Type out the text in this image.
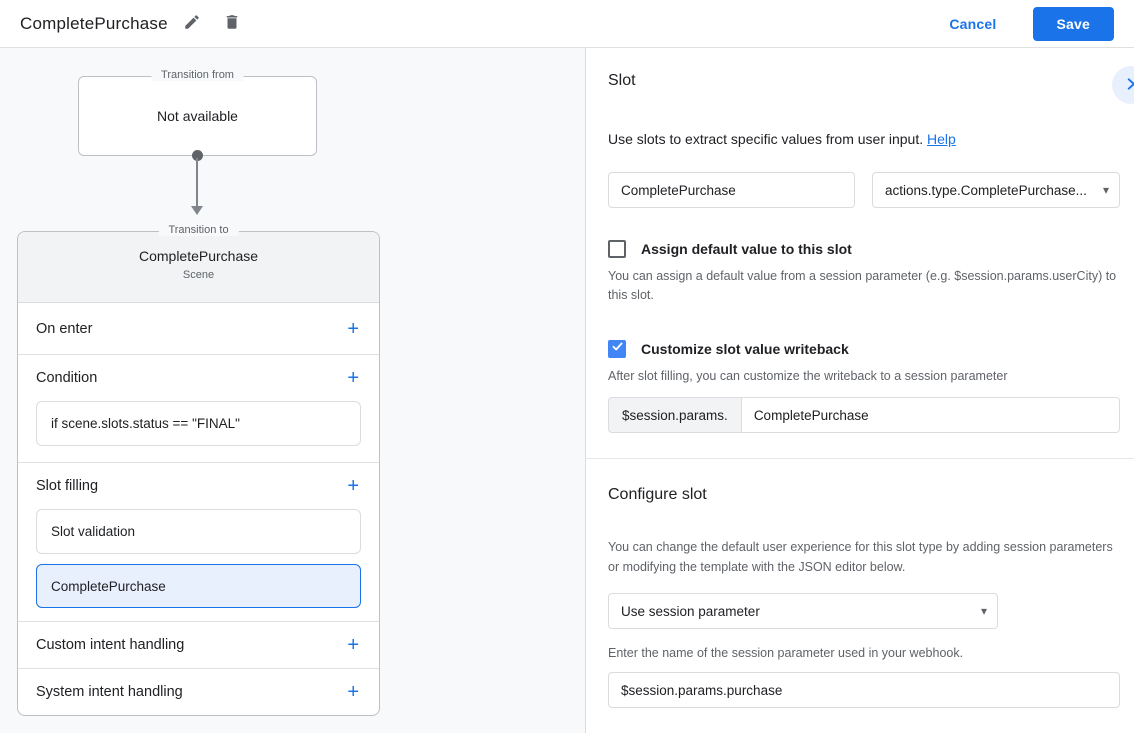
CompletePurchase	Cancel	Save
Transition from
Not available
Transition to
CompletePurchase
Scene
On enter	+
Condition	+
if scene.slots.status == "FINAL"
Slot filling	+
Slot validation
CompletePurchase
Custom intent handling	+
System intent handling	+
Slot

Use slots to extract specific values from user input. Help

CompletePurchase
actions.type.CompletePurchase...	▾
Assign default value to this slot

You can assign a default value from a session parameter (e.g. $session.params.userCity) to this slot.

Customize slot value writeback

After slot filling, you can customize the writeback to a session parameter

$session.params.
CompletePurchase
Configure slot

You can change the default user experience for this slot type by adding session parameters or modifying the template with the JSON editor below.

Use session parameter	▾

Enter the name of the session parameter used in your webhook.

$session.params.purchase
